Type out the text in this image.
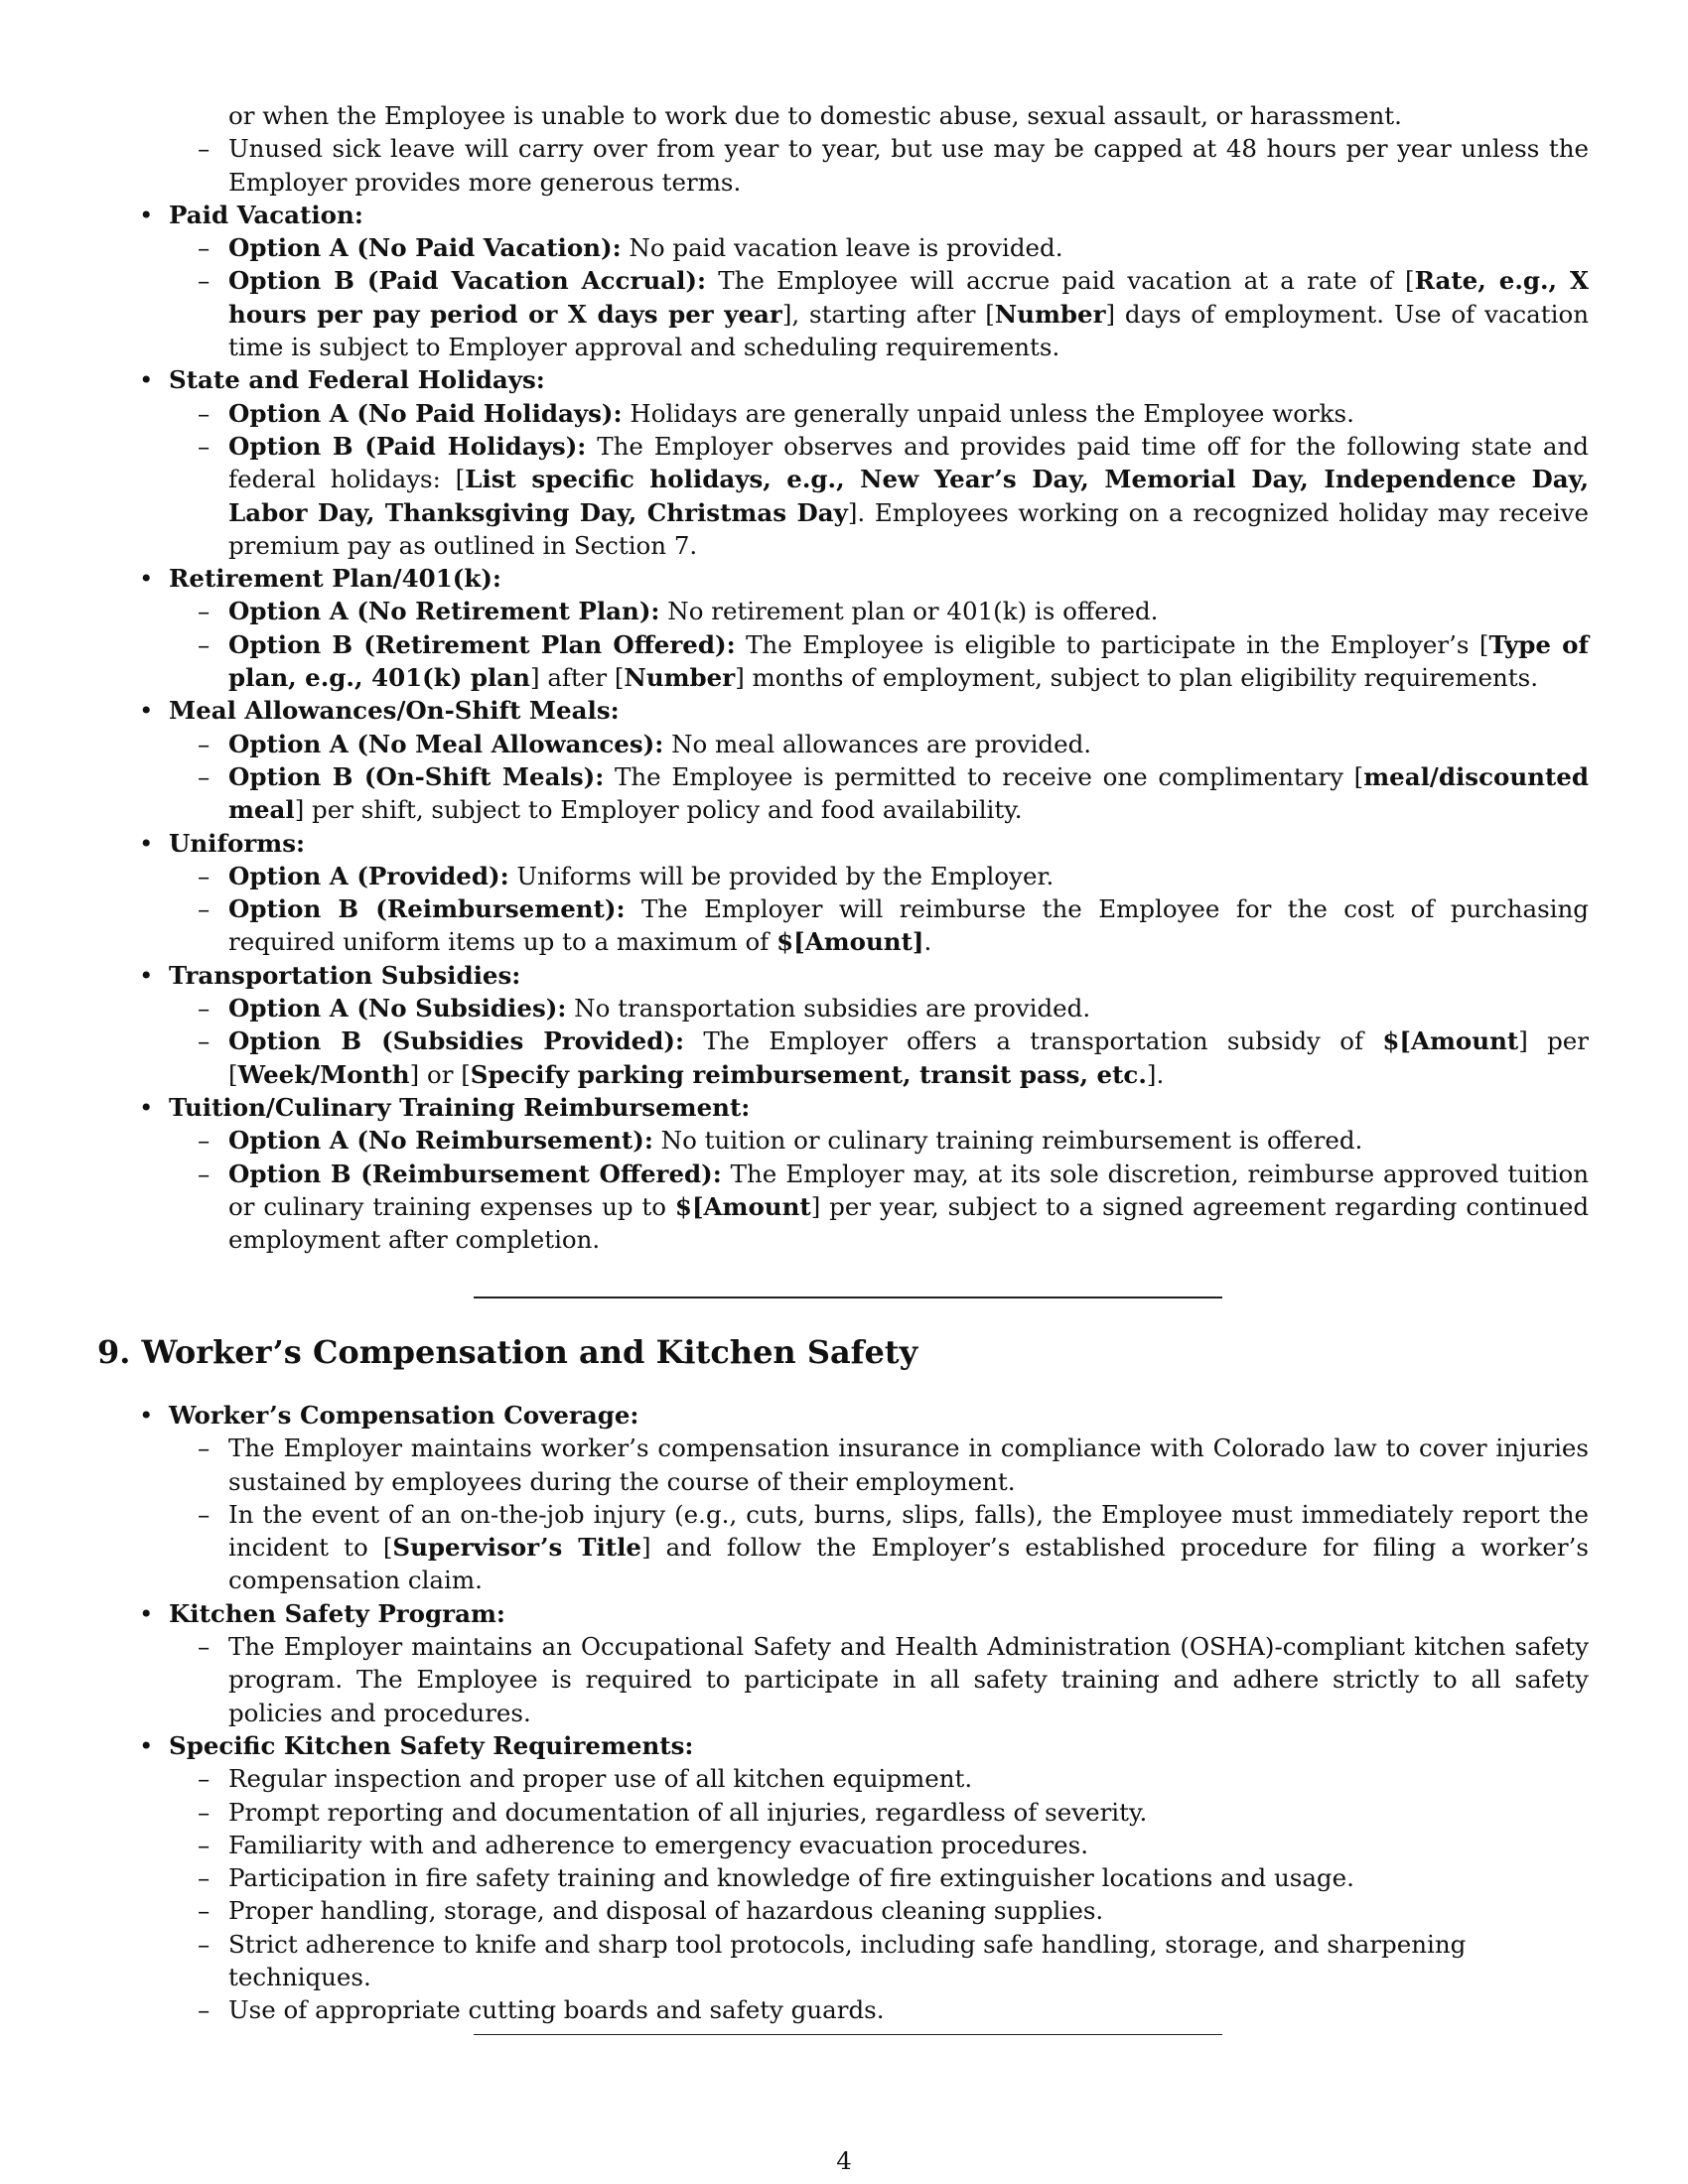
or when the Employee is unable to work due to domestic abuse, sexual assault, or harassment.
– Unused sick leave will carry over from year to year, but use may be capped at 48 hours per year unless the Employer provides more generous terms.
• Paid Vacation:
– Option A (No Paid Vacation): No paid vacation leave is provided.
– Option B (Paid Vacation Accrual): The Employee will accrue paid vacation at a rate of [Rate, e.g., X hours per pay period or X days per year], starting after [Number] days of employment. Use of vacation time is subject to Employer approval and scheduling requirements.
• State and Federal Holidays:
– Option A (No Paid Holidays): Holidays are generally unpaid unless the Employee works.
– Option B (Paid Holidays): The Employer observes and provides paid time off for the following state and federal holidays: [List specific holidays, e.g., New Year’s Day, Memorial Day, Independence Day, Labor Day, Thanksgiving Day, Christmas Day]. Employees working on a recognized holiday may receive premium pay as outlined in Section 7.
• Retirement Plan/401(k):
– Option A (No Retirement Plan): No retirement plan or 401(k) is offered.
– Option B (Retirement Plan Offered): The Employee is eligible to participate in the Employer’s [Type of plan, e.g., 401(k) plan] after [Number] months of employment, subject to plan eligibility requirements.
• Meal Allowances/On-Shift Meals:
– Option A (No Meal Allowances): No meal allowances are provided.
– Option B (On-Shift Meals): The Employee is permitted to receive one complimentary [meal/discounted meal] per shift, subject to Employer policy and food availability.
• Uniforms:
– Option A (Provided): Uniforms will be provided by the Employer.
– Option B (Reimbursement): The Employer will reimburse the Employee for the cost of purchasing required uniform items up to a maximum of $[Amount].
• Transportation Subsidies:
– Option A (No Subsidies): No transportation subsidies are provided.
– Option B (Subsidies Provided): The Employer offers a transportation subsidy of $[Amount] per [Week/Month] or [Specify parking reimbursement, transit pass, etc.].
• Tuition/Culinary Training Reimbursement:
– Option A (No Reimbursement): No tuition or culinary training reimbursement is offered.
– Option B (Reimbursement Offered): The Employer may, at its sole discretion, reimburse approved tuition or culinary training expenses up to $[Amount] per year, subject to a signed agreement regarding continued employment after completion.
9. Worker’s Compensation and Kitchen Safety
• Worker’s Compensation Coverage:
– The Employer maintains worker’s compensation insurance in compliance with Colorado law to cover injuries sustained by employees during the course of their employment.
– In the event of an on-the-job injury (e.g., cuts, burns, slips, falls), the Employee must immediately report the incident to [Supervisor’s Title] and follow the Employer’s established procedure for filing a worker’s compensation claim.
• Kitchen Safety Program:
– The Employer maintains an Occupational Safety and Health Administration (OSHA)-compliant kitchen safety program. The Employee is required to participate in all safety training and adhere strictly to all safety policies and procedures.
• Specific Kitchen Safety Requirements:
– Regular inspection and proper use of all kitchen equipment.
– Prompt reporting and documentation of all injuries, regardless of severity.
– Familiarity with and adherence to emergency evacuation procedures.
– Participation in fire safety training and knowledge of fire extinguisher locations and usage.
– Proper handling, storage, and disposal of hazardous cleaning supplies.
– Strict adherence to knife and sharp tool protocols, including safe handling, storage, and sharpening techniques.
– Use of appropriate cutting boards and safety guards.
4
